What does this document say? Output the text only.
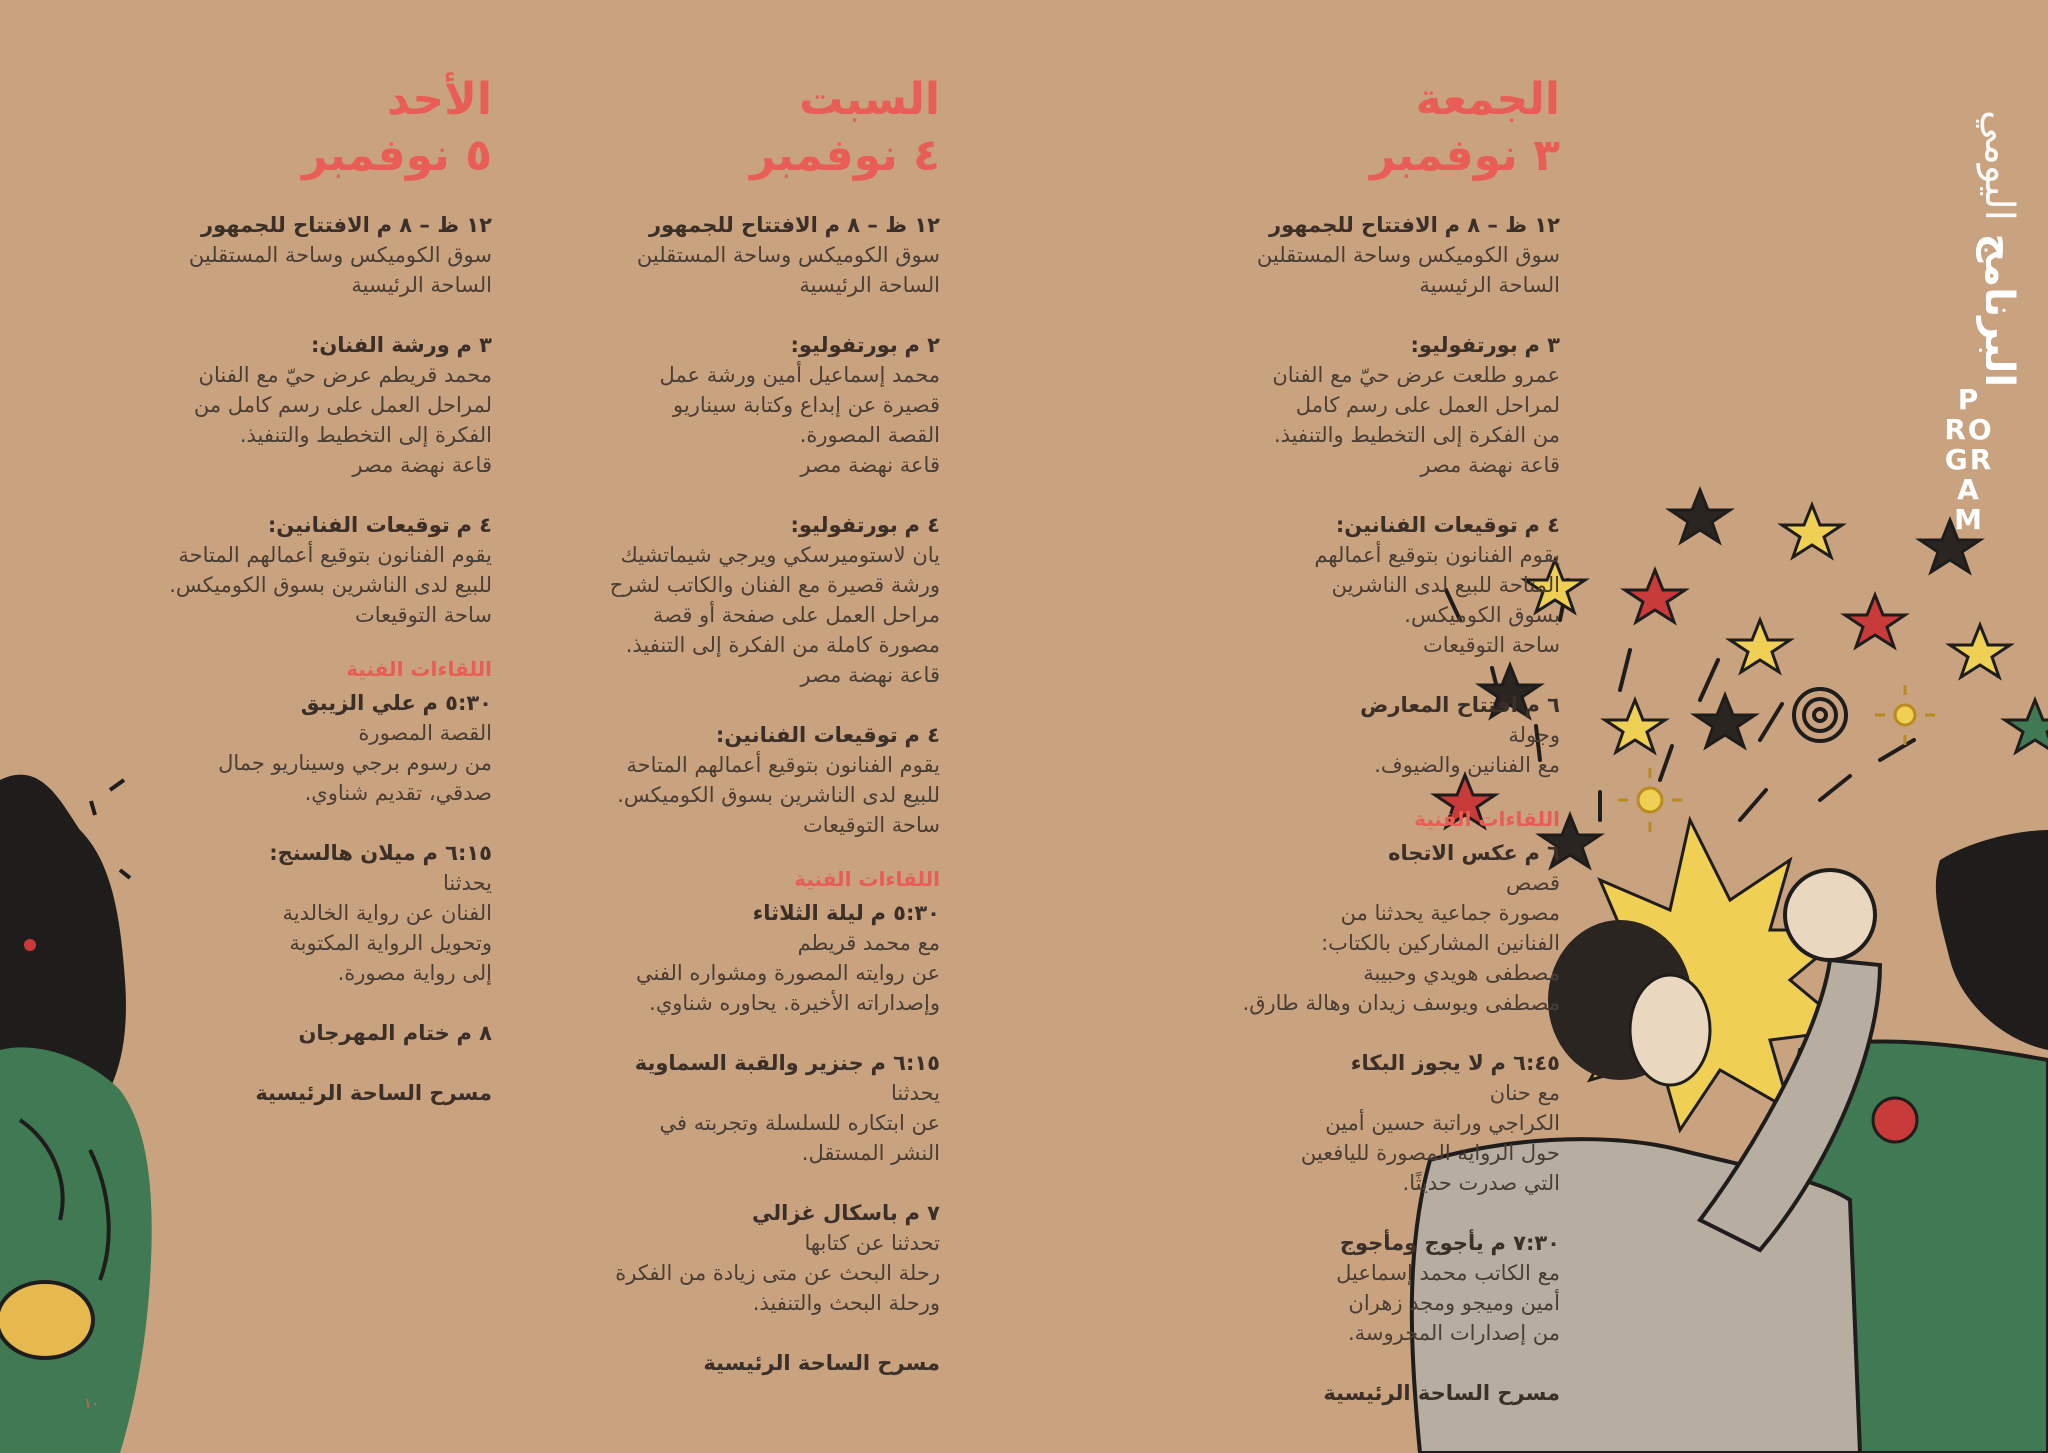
البرنامج اليومي
P
RO
GR
A
M
الجمعة
٣ نوفمبر
١٢ ظ – ٨ م الافتتاح للجمهور
سوق الكوميكس وساحة المستقلين
الساحة الرئيسية
٣ م بورتفوليو:
عمرو طلعت عرض حيّ مع الفنان
لمراحل العمل على رسم كامل
من الفكرة إلى التخطيط والتنفيذ.
قاعة نهضة مصر
٤ م توقيعات الفنانين:
يقوم الفنانون بتوقيع أعمالهم
المتاحة للبيع لدى الناشرين
بسوق الكوميكس.
ساحة التوقيعات
٦ م افتتاح المعارض
وجولة
مع الفنانين والضيوف.
اللقاءات الفنية
٦ م عكس الاتجاه
قصص
مصورة جماعية يحدثنا من
الفنانين المشاركين بالكتاب:
مصطفى هويدي وحبيبة
مصطفى ويوسف زيدان وهالة طارق.
٦:٤٥ م لا يجوز البكاء
مع حنان
الكراجي وراتبة حسين أمين
حول الرواية المصورة لليافعين
التي صدرت حديثًا.
٧:٣٠ م يأجوج ومأجوج
مع الكاتب محمد إسماعيل
أمين وميجو ومجد زهران
من إصدارات المحروسة.
مسرح الساحة الرئيسية
السبت
٤ نوفمبر
١٢ ظ – ٨ م الافتتاح للجمهور
سوق الكوميكس وساحة المستقلين
الساحة الرئيسية
٢ م بورتفوليو:
محمد إسماعيل أمين ورشة عمل
قصيرة عن إبداع وكتابة سيناريو
القصة المصورة.
قاعة نهضة مصر
٤ م بورتفوليو:
يان لاستوميرسكي ويرجي شيماتشيك
ورشة قصيرة مع الفنان والكاتب لشرح
مراحل العمل على صفحة أو قصة
مصورة كاملة من الفكرة إلى التنفيذ.
قاعة نهضة مصر
٤ م توقيعات الفنانين:
يقوم الفنانون بتوقيع أعمالهم المتاحة
للبيع لدى الناشرين بسوق الكوميكس.
ساحة التوقيعات
اللقاءات الفنية
٥:٣٠ م ليلة الثلاثاء
مع محمد قريطم
عن روايته المصورة ومشواره الفني
وإصداراته الأخيرة. يحاوره شناوي.
٦:١٥ م جنزير والقبة السماوية
يحدثنا
عن ابتكاره للسلسلة وتجربته في
النشر المستقل.
٧ م باسكال غزالي
تحدثنا عن كتابها
رحلة البحث عن متى زيادة من الفكرة
ورحلة البحث والتنفيذ.
مسرح الساحة الرئيسية
الأحد
٥ نوفمبر
١٢ ظ – ٨ م الافتتاح للجمهور
سوق الكوميكس وساحة المستقلين
الساحة الرئيسية
٣ م ورشة الفنان:
محمد قريطم عرض حيّ مع الفنان
لمراحل العمل على رسم كامل من
الفكرة إلى التخطيط والتنفيذ.
قاعة نهضة مصر
٤ م توقيعات الفنانين:
يقوم الفنانون بتوقيع أعمالهم المتاحة
للبيع لدى الناشرين بسوق الكوميكس.
ساحة التوقيعات
اللقاءات الفنية
٥:٣٠ م علي الزيبق
القصة المصورة
من رسوم برجي وسيناريو جمال
صدقي، تقديم شناوي.
٦:١٥ م ميلان هالسنج:
يحدثنا
الفنان عن رواية الخالدية
وتحويل الرواية المكتوبة
إلى رواية مصورة.
٨ م ختام المهرجان
مسرح الساحة الرئيسية
١٠
